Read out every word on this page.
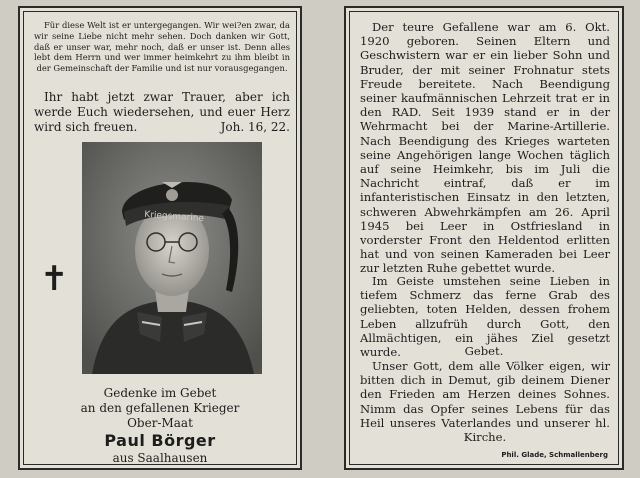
Für diese Welt ist er untergegangen. Wir wei?en zwar, da wir seine Liebe nicht mehr sehen. Doch danken wir Gott, daß er unser war, mehr noch, daß er unser ist. Denn alles lebt dem Herrn und wer immer heimkehrt zu ihm bleibt in der Gemeinschaft der Familie und ist nur vorausgegangen.

Ihr habt jetzt zwar Trauer, aber ich werde Euch wiedersehen, und euer Herz wird sich freuen.	Joh. 16, 22.

✝
Kriegsmarine

Gedenke im Gebet
an den gefallenen Krieger
Ober-Maat
Paul Börger
aus Saalhausen

Der teure Gefallene war am 6. Okt. 1920 geboren. Seinen Eltern und Geschwistern war er ein lieber Sohn und Bruder, der mit seiner Frohnatur stets Freude bereitete. Nach Beendigung seiner kaufmännischen Lehrzeit trat er in den RAD. Seit 1939 stand er in der Wehrmacht bei der Marine-Artillerie. Nach Beendigung des Krieges warteten seine Angehörigen lange Wochen täglich auf seine Heimkehr, bis im Juli die Nachricht eintraf, daß er im infanteristischen Einsatz in den letzten, schweren Abwehrkämpfen am 26. April 1945 bei Leer in Ostfriesland in vorderster Front den Heldentod erlitten hat und von seinen Kameraden bei Leer zur letzten Ruhe gebettet wurde.

Im Geiste umstehen seine Lieben in tiefem Schmerz das ferne Grab des geliebten, toten Helden, dessen frohem Leben allzufrüh durch Gott, den Allmächtigen, ein jähes Ziel gesetzt wurde.	Gebet.

Unser Gott, dem alle Völker eigen, wir bitten dich in Demut, gib deinem Diener den Frieden am Herzen deines Sohnes. Nimm das Opfer seines Lebens für das Heil unseres Vaterlandes und unserer hl. Kirche.

Phil. Glade, Schmallenberg
